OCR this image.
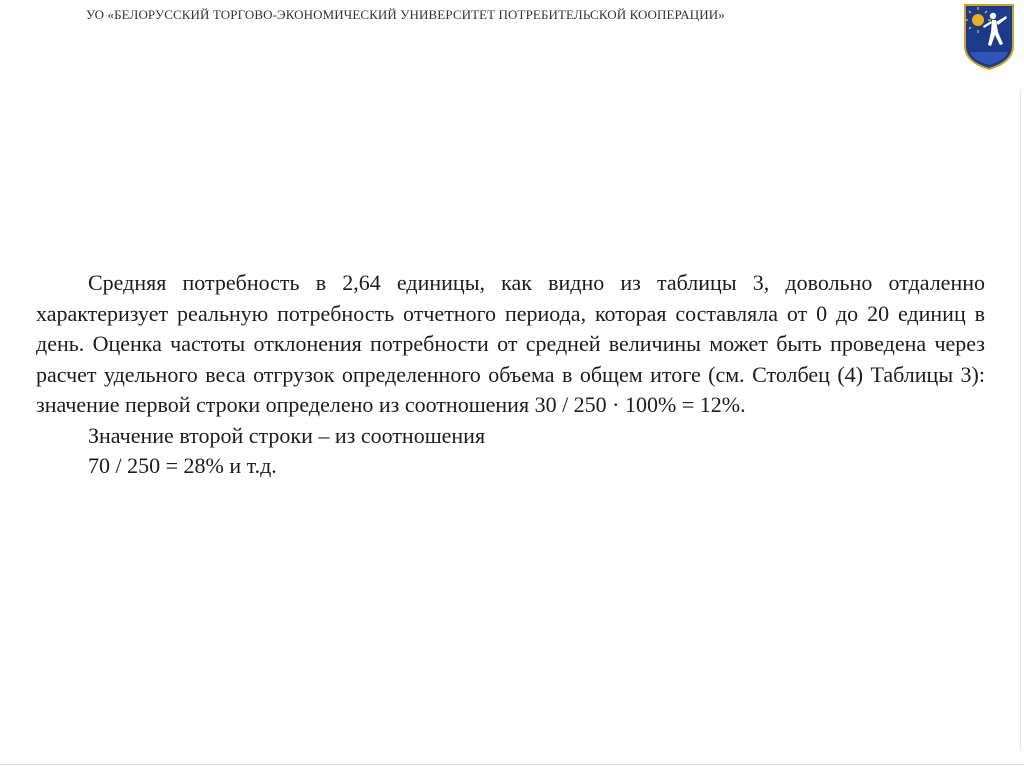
УО «БЕЛОРУССКИЙ ТОРГОВО-ЭКОНОМИЧЕСКИЙ УНИВЕРСИТЕТ ПОТРЕБИТЕЛЬСКОЙ КООПЕРАЦИИ»

Средняя потребность в 2,64 единицы, как видно из таблицы 3, довольно отдаленно характеризует реальную потребность отчетного периода, которая составляла от 0 до 20 единиц в день. Оценка частоты отклонения потребности от средней величины может быть проведена через расчет удельного веса отгрузок определенного объема в общем итоге (см. Столбец (4) Таблицы 3): значение первой строки определено из соотношения 30 / 250 · 100% = 12%.

Значение второй строки – из соотношения

70 / 250 = 28% и т.д.
